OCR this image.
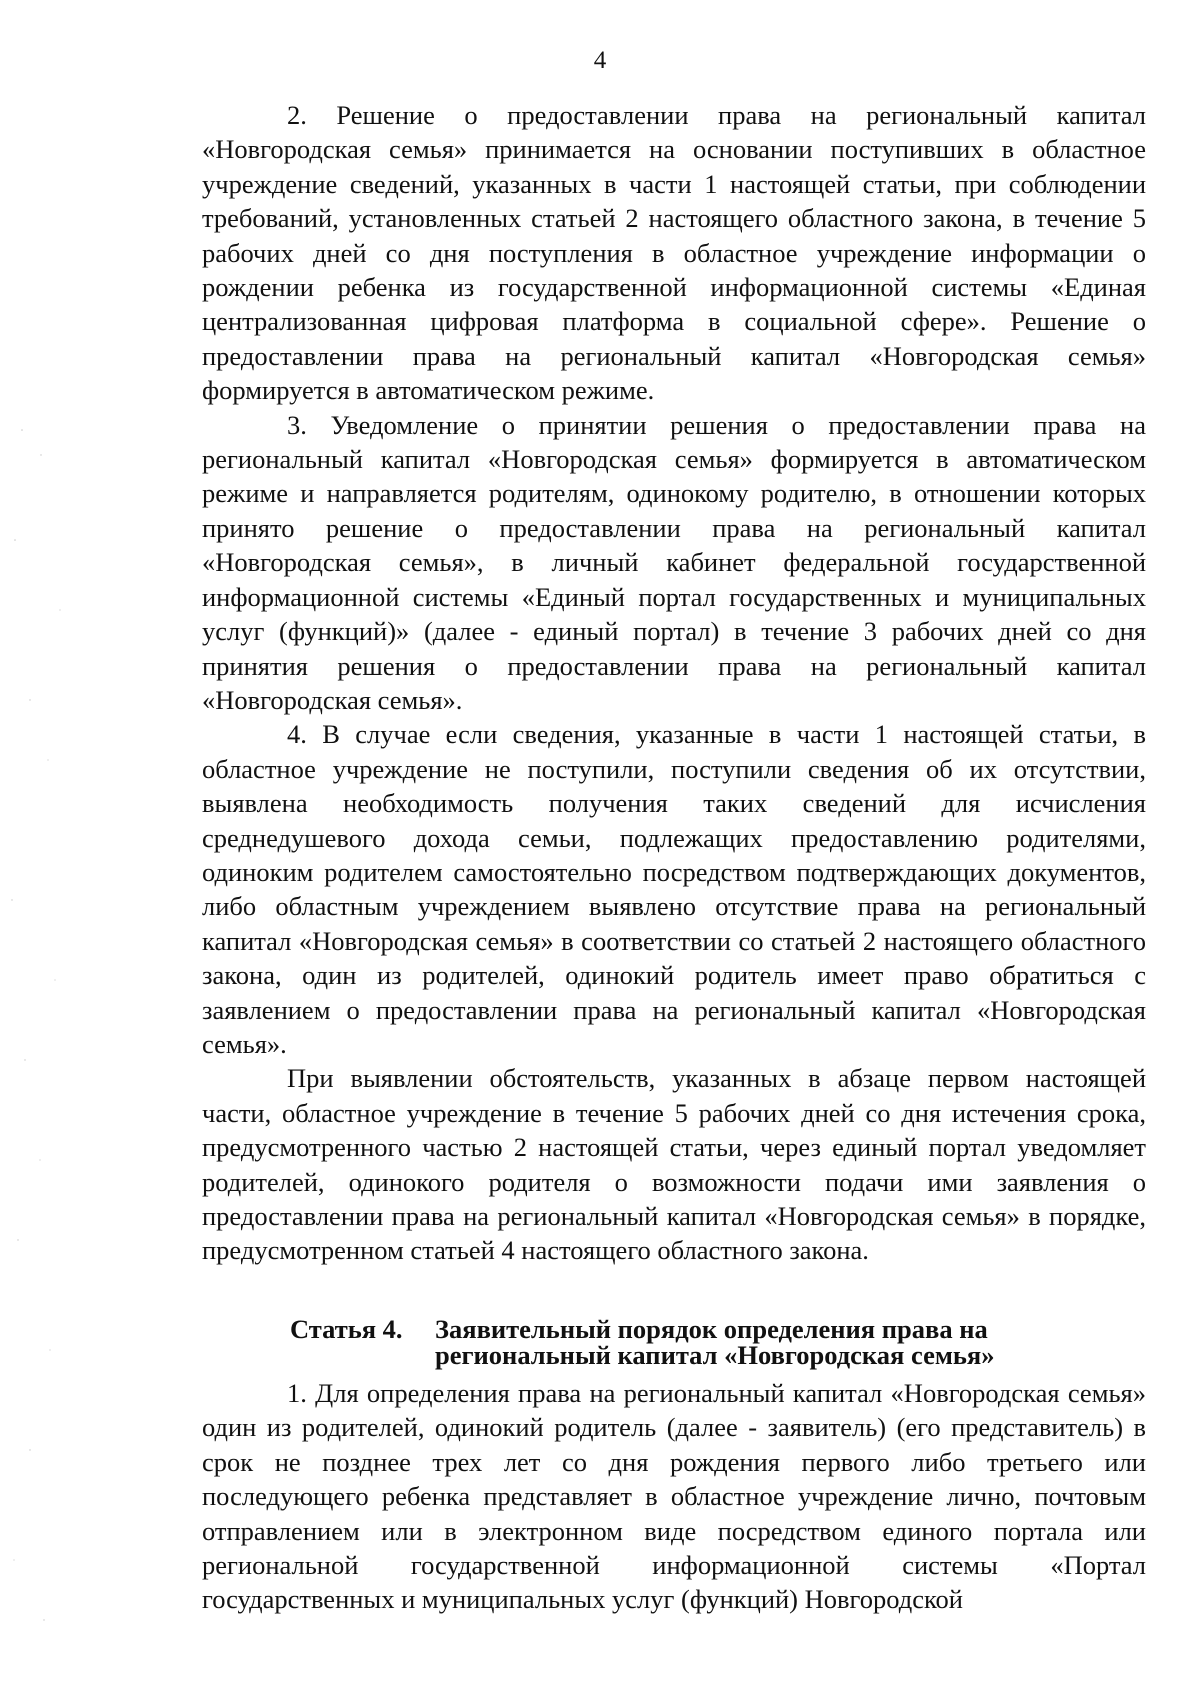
4

2. Решение о предоставлении права на региональный капитал «Новгородская семья» принимается на основании поступивших в областное учреждение сведений, указанных в части 1 настоящей статьи, при соблюдении требований, установленных статьей 2 настоящего областного закона, в течение 5 рабочих дней со дня поступления в областное учреждение информации о рождении ребенка из государственной информационной системы «Единая централизованная цифровая платформа в социальной сфере». Решение о предоставлении права на региональный капитал «Новгородская семья» формируется в автоматическом режиме.

3. Уведомление о принятии решения о предоставлении права на региональный капитал «Новгородская семья» формируется в автоматическом режиме и направляется родителям, одинокому родителю, в отношении которых принято решение о предоставлении права на региональный капитал «Новгородская семья», в личный кабинет федеральной государственной информационной системы «Единый портал государственных и муниципальных услуг (функций)» (далее - единый портал) в течение 3 рабочих дней со дня принятия решения о предоставлении права на региональный капитал «Новгородская семья».

4. В случае если сведения, указанные в части 1 настоящей статьи, в областное учреждение не поступили, поступили сведения об их отсутствии, выявлена необходимость получения таких сведений для исчисления среднедушевого дохода семьи, подлежащих предоставлению родителями, одиноким родителем самостоятельно посредством подтверждающих документов, либо областным учреждением выявлено отсутствие права на региональный капитал «Новгородская семья» в соответствии со статьей 2 настоящего областного закона, один из родителей, одинокий родитель имеет право обратиться с заявлением о предоставлении права на региональный капитал «Новгородская семья».

При выявлении обстоятельств, указанных в абзаце первом настоящей части, областное учреждение в течение 5 рабочих дней со дня истечения срока, предусмотренного частью 2 настоящей статьи, через единый портал уведомляет родителей, одинокого родителя о возможности подачи ими заявления о предоставлении права на региональный капитал «Новгородская семья» в порядке, предусмотренном статьей 4 настоящего областного закона.

Статья 4. Заявительный порядок определения права на
региональный капитал «Новгородская семья»

1. Для определения права на региональный капитал «Новгородская семья» один из родителей, одинокий родитель (далее - заявитель) (его представитель) в срок не позднее трех лет со дня рождения первого либо третьего или последующего ребенка представляет в областное учреждение лично, почтовым отправлением или в электронном виде посредством единого портала или региональной государственной информационной системы «Портал государственных и муниципальных услуг (функций) Новгородской
